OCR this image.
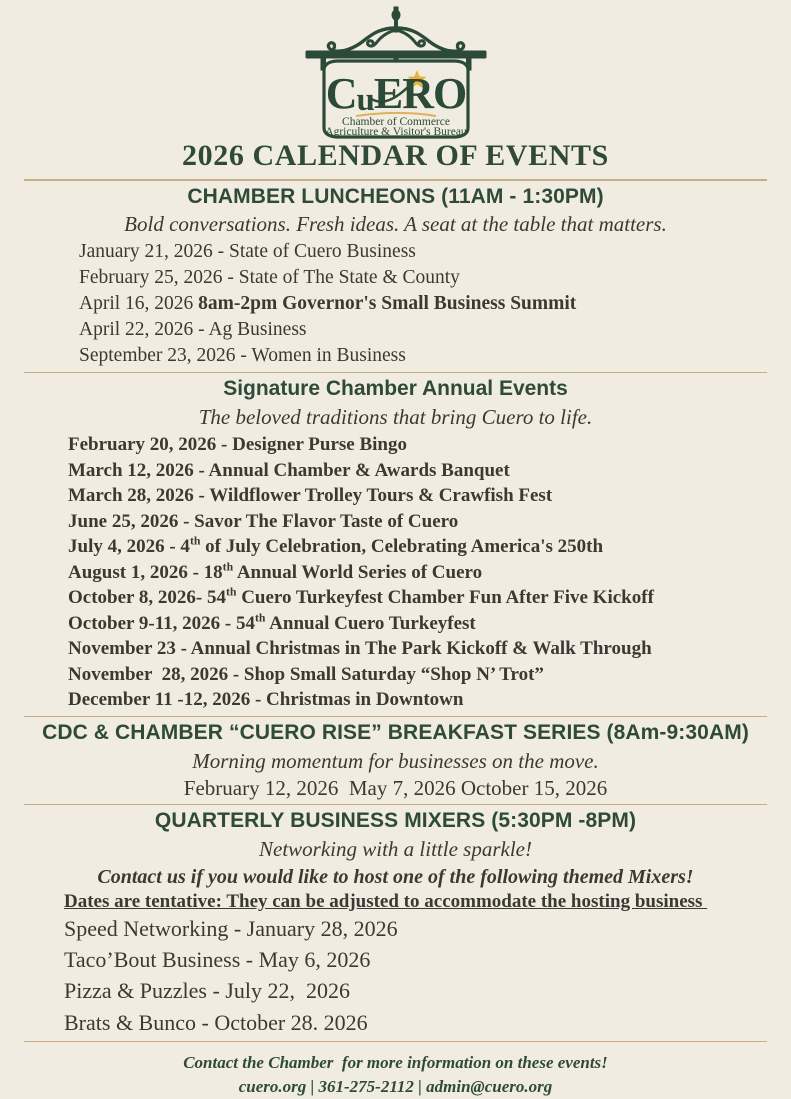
CuERO
Chamber of Commerce
Agriculture & Visitor's Bureau
2026 CALENDAR OF EVENTS
CHAMBER LUNCHEONS (11AM - 1:30PM)
Bold conversations. Fresh ideas. A seat at the table that matters.
January 21, 2026 - State of Cuero Business
February 25, 2026 - State of The State & County
April 16, 2026 8am-2pm Governor's Small Business Summit
April 22, 2026 - Ag Business
September 23, 2026 - Women in Business
Signature Chamber Annual Events
The beloved traditions that bring Cuero to life.
February 20, 2026 - Designer Purse Bingo
March 12, 2026 - Annual Chamber & Awards Banquet
March 28, 2026 - Wildflower Trolley Tours & Crawfish Fest
June 25, 2026 - Savor The Flavor Taste of Cuero
July 4, 2026 - 4th of July Celebration, Celebrating America's 250th
August 1, 2026 - 18th Annual World Series of Cuero
October 8, 2026- 54th Cuero Turkeyfest Chamber Fun After Five Kickoff
October 9-11, 2026 - 54th Annual Cuero Turkeyfest
November 23 - Annual Christmas in The Park Kickoff & Walk Through
November  28, 2026 - Shop Small Saturday “Shop N’ Trot”
December 11 -12, 2026 - Christmas in Downtown
CDC & CHAMBER “CUERO RISE” BREAKFAST SERIES (8Am-9:30AM)
Morning momentum for businesses on the move.
February 12, 2026  May 7, 2026 October 15, 2026
QUARTERLY BUSINESS MIXERS (5:30PM -8PM)
Networking with a little sparkle!
Contact us if you would like to host one of the following themed Mixers!
Dates are tentative: They can be adjusted to accommodate the hosting business
Speed Networking - January 28, 2026
Taco’Bout Business - May 6, 2026
Pizza & Puzzles - July 22,  2026
Brats & Bunco - October 28. 2026
Contact the Chamber  for more information on these events!
cuero.org | 361-275-2112 | admin@cuero.org
